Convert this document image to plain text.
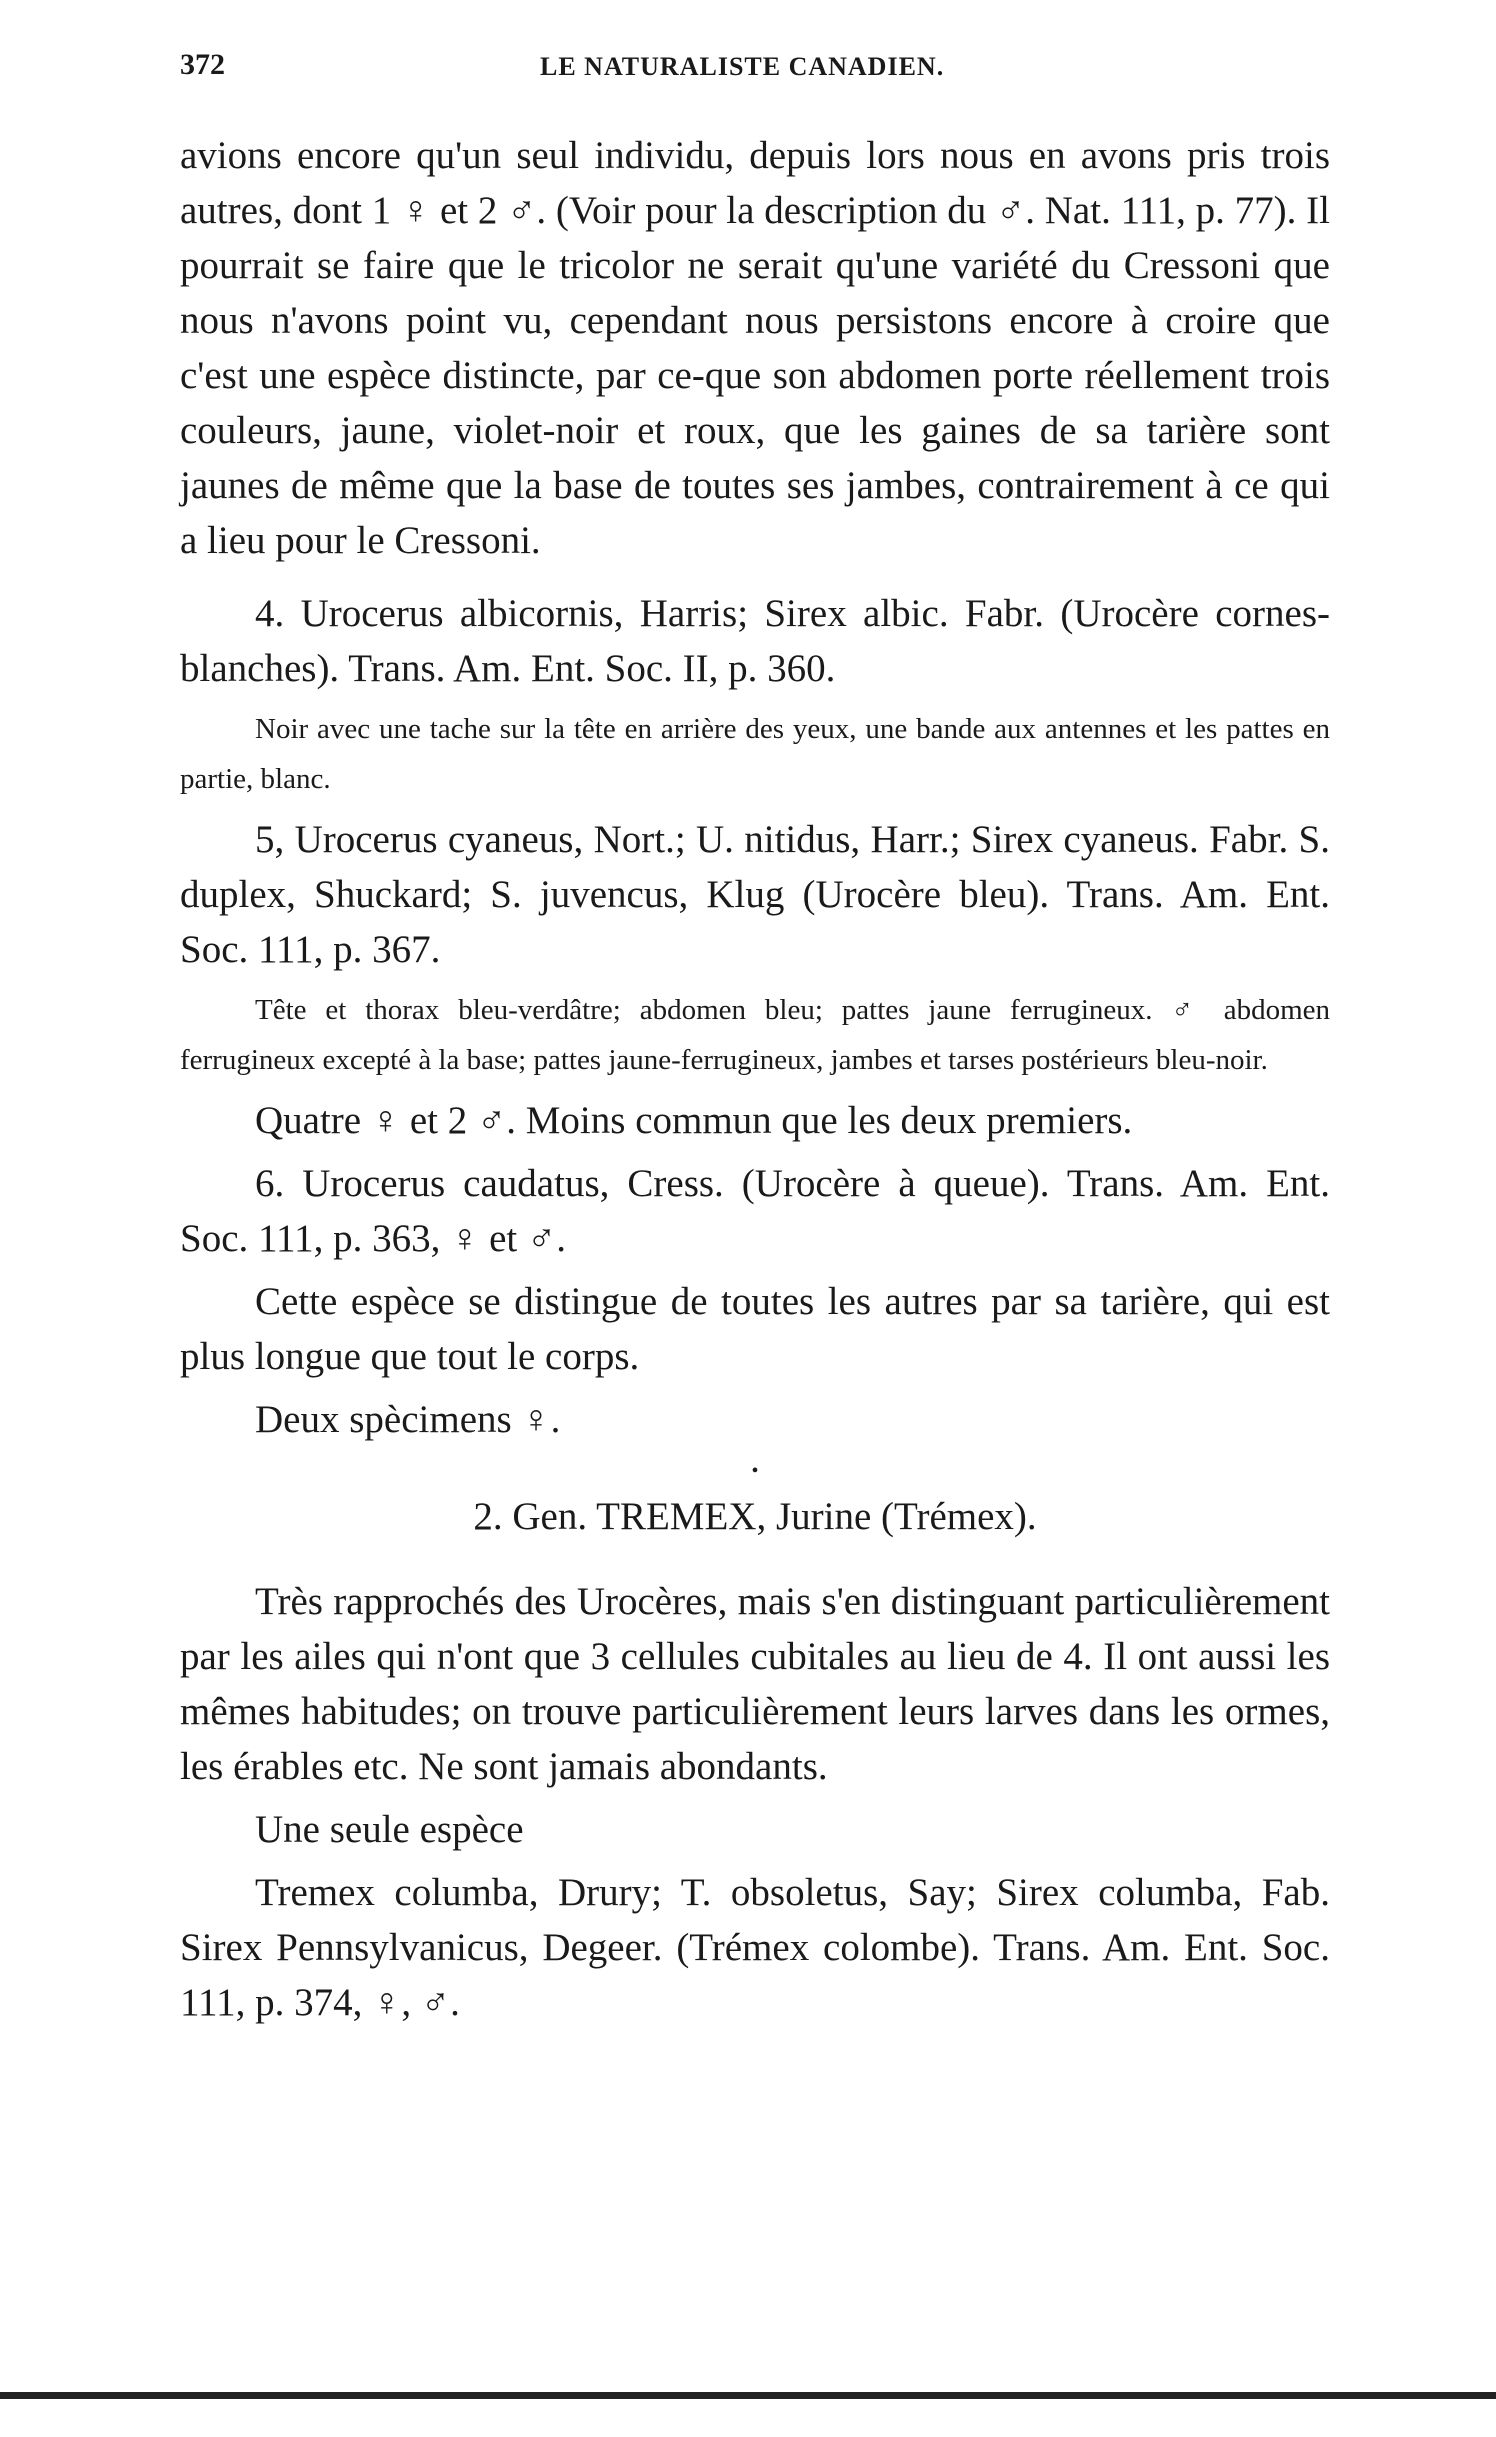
372	LE NATURALISTE CANADIEN.

avions encore qu'un seul individu, depuis lors nous en avons pris trois autres, dont 1 ♀ et 2 ♂. (Voir pour la description du ♂. Nat. 111, p. 77). Il pourrait se faire que le tricolor ne serait qu'une variété du Cressoni que nous n'avons point vu, cependant nous persistons encore à croire que c'est une espèce distincte, par ce-que son abdomen porte réellement trois couleurs, jaune, violet-noir et roux, que les gaines de sa tarière sont jaunes de même que la base de toutes ses jambes, contrairement à ce qui a lieu pour le Cressoni.

4. Urocerus albicornis, Harris; Sirex albic. Fabr. (Urocère cornes-blanches). Trans. Am. Ent. Soc. II, p. 360.

Noir avec une tache sur la tête en arrière des yeux, une bande aux antennes et les pattes en partie, blanc.

5, Urocerus cyaneus, Nort.; U. nitidus, Harr.; Sirex cyaneus. Fabr. S. duplex, Shuckard; S. juvencus, Klug (Urocère bleu). Trans. Am. Ent. Soc. 111, p. 367.

Tête et thorax bleu-verdâtre; abdomen bleu; pattes jaune ferrugineux. ♂ abdomen ferrugineux excepté à la base; pattes jaune-ferrugineux, jambes et tarses postérieurs bleu-noir.

Quatre ♀ et 2 ♂. Moins commun que les deux premiers.

6. Urocerus caudatus, Cress. (Urocère à queue). Trans. Am. Ent. Soc. 111, p. 363, ♀ et ♂.

Cette espèce se distingue de toutes les autres par sa tarière, qui est plus longue que tout le corps.

Deux spècimens ♀.

•

2. Gen. TREMEX, Jurine (Trémex).

Très rapprochés des Urocères, mais s'en distinguant particulièrement par les ailes qui n'ont que 3 cellules cubitales au lieu de 4. Il ont aussi les mêmes habitudes; on trouve particulièrement leurs larves dans les ormes, les érables etc. Ne sont jamais abondants.

Une seule espèce

Tremex columba, Drury; T. obsoletus, Say; Sirex columba, Fab. Sirex Pennsylvanicus, Degeer. (Trémex colombe). Trans. Am. Ent. Soc. 111, p. 374, ♀, ♂.
